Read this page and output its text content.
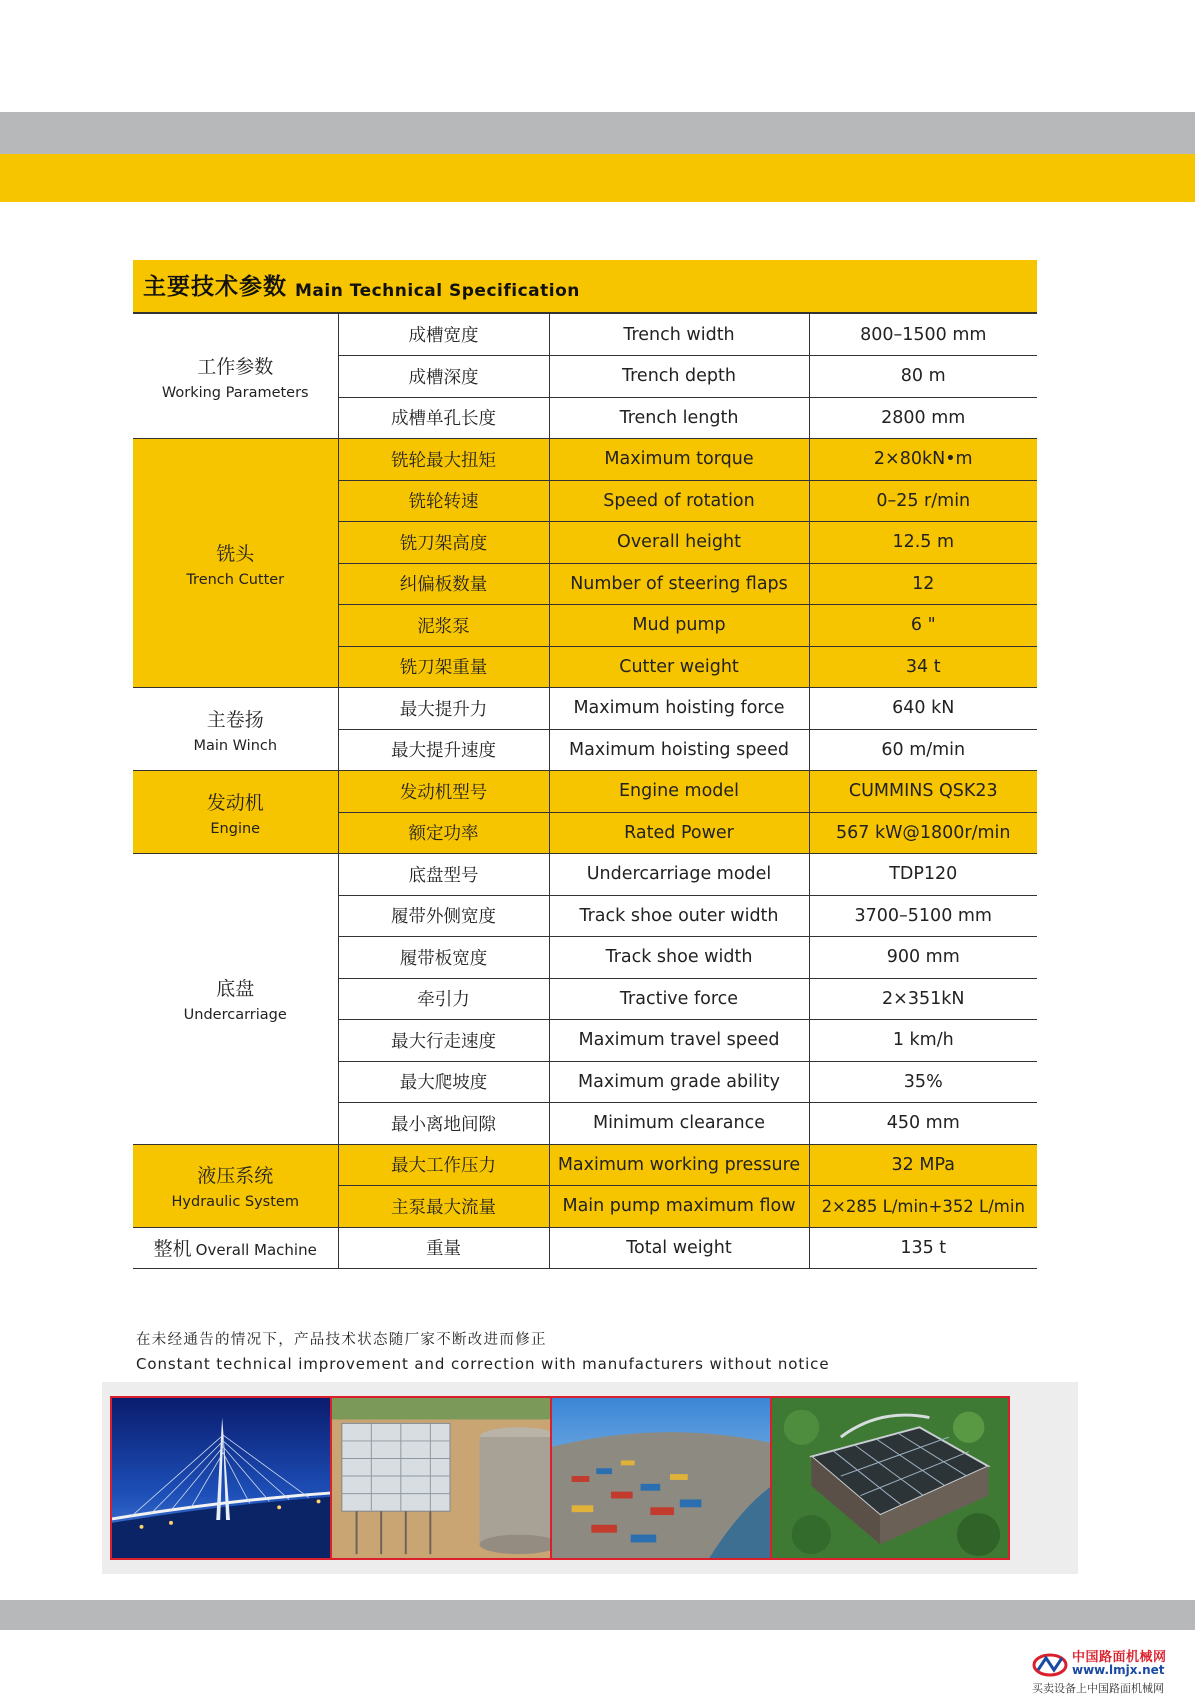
主要技术参数 Main Technical Specification
工作参数
Working Parameters	成槽宽度	Trench width	800–1500 mm
	成槽深度	Trench depth	80 m
	成槽单孔长度	Trench length	2800 mm

铣头
Trench Cutter	铣轮最大扭矩	Maximum torque	2×80kN•m
	铣轮转速	Speed of rotation	0–25 r/min
	铣刀架高度	Overall height	12.5 m
	纠偏板数量	Number of steering flaps	12
	泥浆泵	Mud pump	6 "
	铣刀架重量	Cutter weight	34 t

主卷扬
Main Winch	最大提升力	Maximum hoisting force	640 kN
	最大提升速度	Maximum hoisting speed	60 m/min

发动机
Engine	发动机型号	Engine model	CUMMINS QSK23
	额定功率	Rated Power	567 kW@1800r/min

底盘
Undercarriage	底盘型号	Undercarriage model	TDP120
	履带外侧宽度	Track shoe outer width	3700–5100 mm
	履带板宽度	Track shoe width	900 mm
	牵引力	Tractive force	2×351kN
	最大行走速度	Maximum travel speed	1 km/h
	最大爬坡度	Maximum grade ability	35%
	最小离地间隙	Minimum clearance	450 mm

液压系统
Hydraulic System	最大工作压力	Maximum working pressure	32 MPa
	主泵最大流量	Main pump maximum flow	2×285 L/min+352 L/min
整机 Overall Machine	重量	Total weight	135 t
在未经通告的情况下，产品技术状态随厂家不断改进而修正
Constant technical improvement and correction with manufacturers without notice
中国路面机械网
www.lmjx.net
买卖设备上中国路面机械网
